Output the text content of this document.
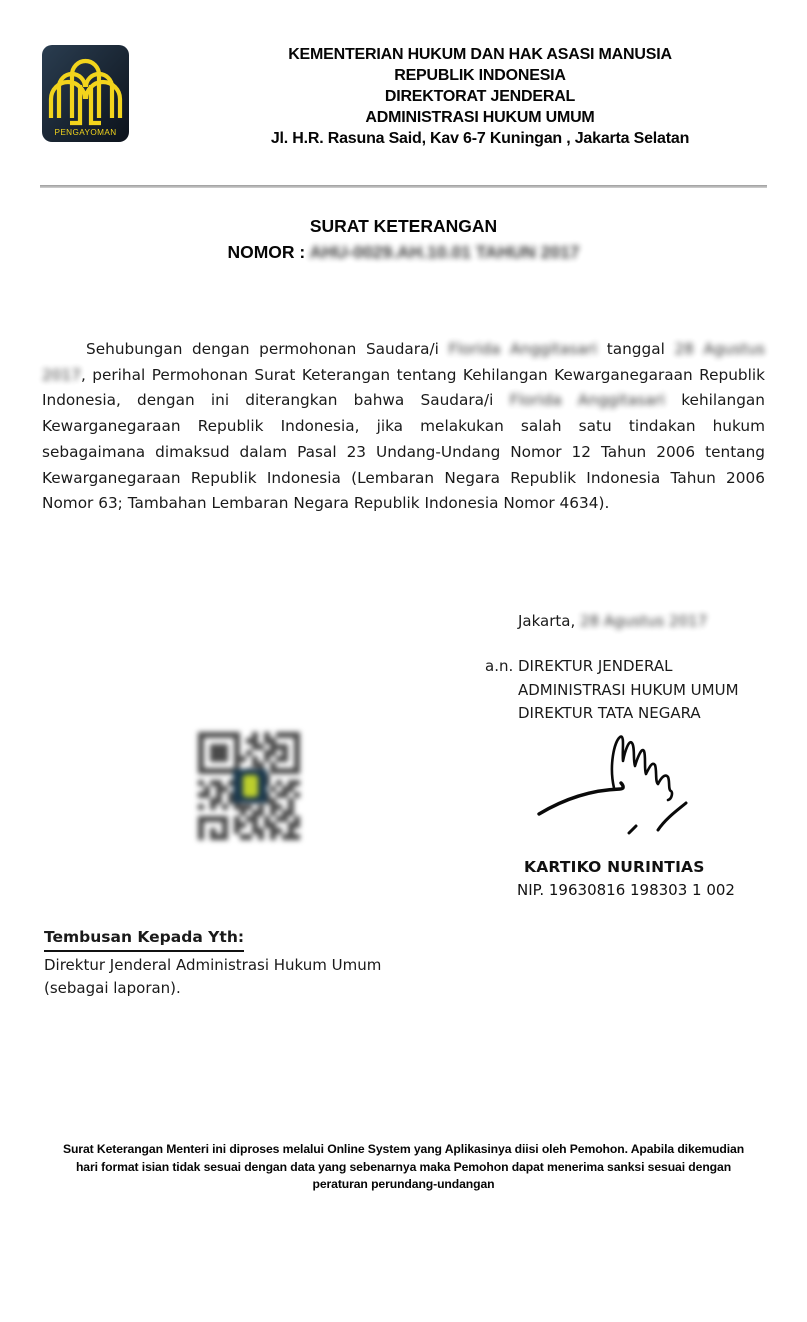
PENGAYOMAN
KEMENTERIAN HUKUM DAN HAK ASASI MANUSIA
REPUBLIK INDONESIA
DIREKTORAT JENDERAL
ADMINISTRASI HUKUM UMUM
Jl. H.R. Rasuna Said, Kav 6-7 Kuningan , Jakarta Selatan
SURAT KETERANGAN
NOMOR : AHU-0029.AH.10.01 TAHUN 2017

Sehubungan dengan permohonan Saudara/i Florida Anggitasari tanggal 28 Agustus 2017, perihal Permohonan Surat Keterangan tentang Kehilangan Kewarganegaraan Republik Indonesia, dengan ini diterangkan bahwa Saudara/i Florida Anggitasari kehilangan Kewarganegaraan Republik Indonesia, jika melakukan salah satu tindakan hukum sebagaimana dimaksud dalam Pasal 23 Undang-Undang Nomor 12 Tahun 2006 tentang Kewarganegaraan Republik Indonesia (Lembaran Negara Republik Indonesia Tahun 2006 Nomor 63; Tambahan Lembaran Negara Republik Indonesia Nomor 4634).

Jakarta, 28 Agustus 2017
a.n. DIREKTUR JENDERAL
ADMINISTRASI HUKUM UMUM
DIREKTUR TATA NEGARA
KARTIKO NURINTIAS
NIP. 19630816 198303 1 002
Tembusan Kepada Yth:
Direktur Jenderal Administrasi Hukum Umum
(sebagai laporan).
Surat Keterangan Menteri ini diproses melalui Online System yang Aplikasinya diisi oleh Pemohon. Apabila dikemudian hari format isian tidak sesuai dengan data yang sebenarnya maka Pemohon dapat menerima sanksi sesuai dengan peraturan perundang-undangan
